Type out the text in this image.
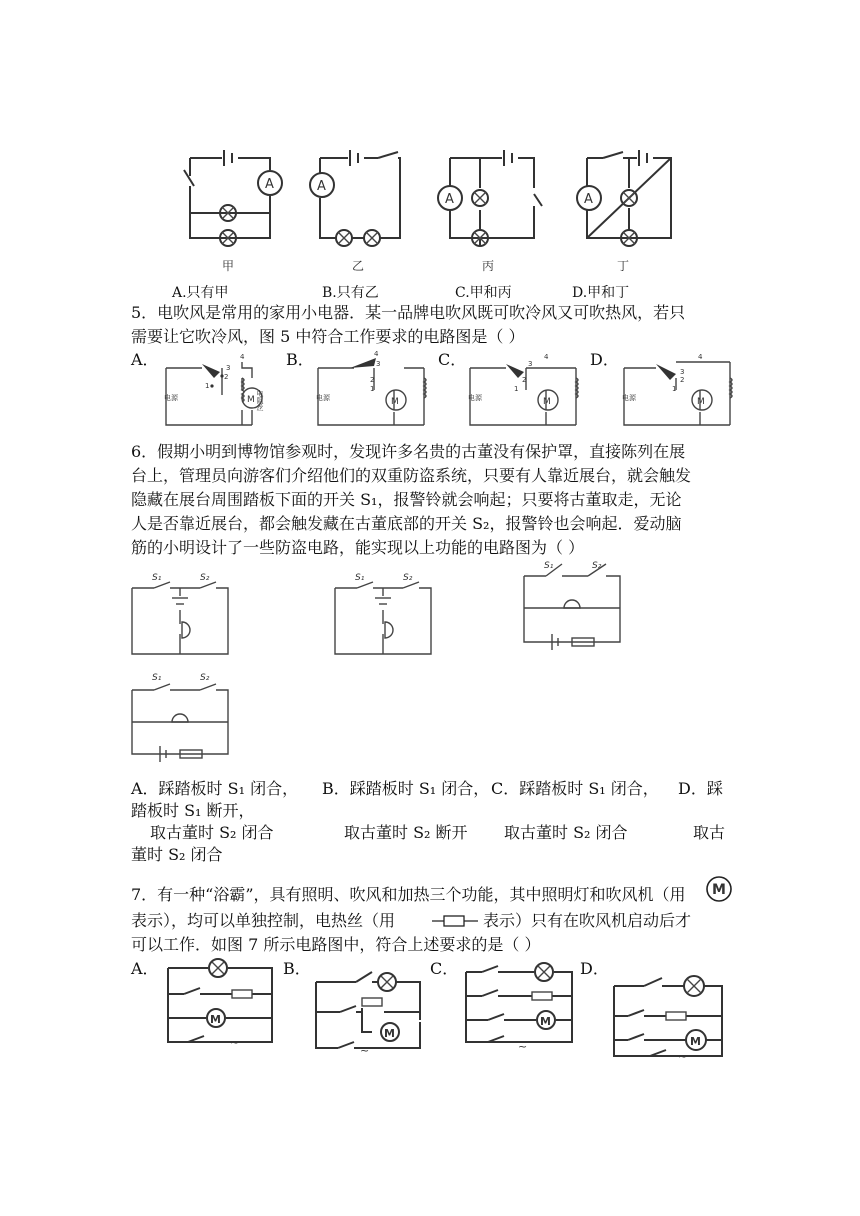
A
甲
A
乙
A
丙
A
丁
A.只有甲	B.只有乙	C.甲和丙	D.甲和丁
5．电吹风是常用的家用小电器．某一品牌电吹风既可吹冷风又可吹热风，若只
需要让它吹冷风，图 5 中符合工作要求的电路图是（ ）
A．	B．	C．	D．
M
2
1
3
4
电源	电阻丝	M
2
1
3
4
电源	M
2
1
3
4
电源	M
2
1
3
4
电源
6．假期小明到博物馆参观时，发现许多名贵的古董没有保护罩，直接陈列在展
台上，管理员向游客们介绍他们的双重防盗系统，只要有人靠近展台，就会触发
隐藏在展台周围踏板下面的开关 S₁，报警铃就会响起；只要将古董取走，无论
人是否靠近展台，都会触发藏在古董底部的开关 S₂，报警铃也会响起．爱动脑
筋的小明设计了一些防盗电路，能实现以上功能的电路图为（ ）
S₁	S₂	S₁	S₂
S₁	S₂
S₁	S₂
A．踩踏板时 S₁ 闭合， B．踩踏板时 S₁ 闭合， C．踩踏板时 S₁ 闭合， D．踩
踏板时 S₁ 断开，
取古董时 S₂ 闭合	取古董时 S₂ 断开 取古董时 S₂ 闭合	取古
董时 S₂ 闭合
7．有一种“浴霸”，具有照明、吹风和加热三个功能，其中照明灯和吹风机（用 M
表示），均可以单独控制，电热丝（用	表示）只有在吹风机启动后才
可以工作．如图 7 所示电路图中，符合上述要求的是（ ）
A．	B．	C．	D．
M
~
M
~
M
~	M
~
